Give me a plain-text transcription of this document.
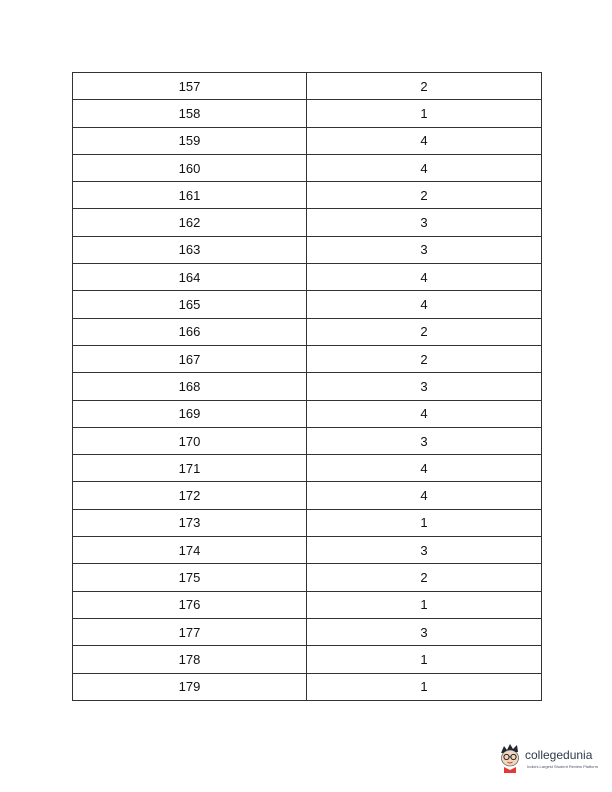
157	2
158	1
159	4
160	4
161	2
162	3
163	3
164	4
165	4
166	2
167	2
168	3
169	4
170	3
171	4
172	4
173	1
174	3
175	2
176	1
177	3
178	1
179	1
collegedunia
India's Largest Student Review Platform
